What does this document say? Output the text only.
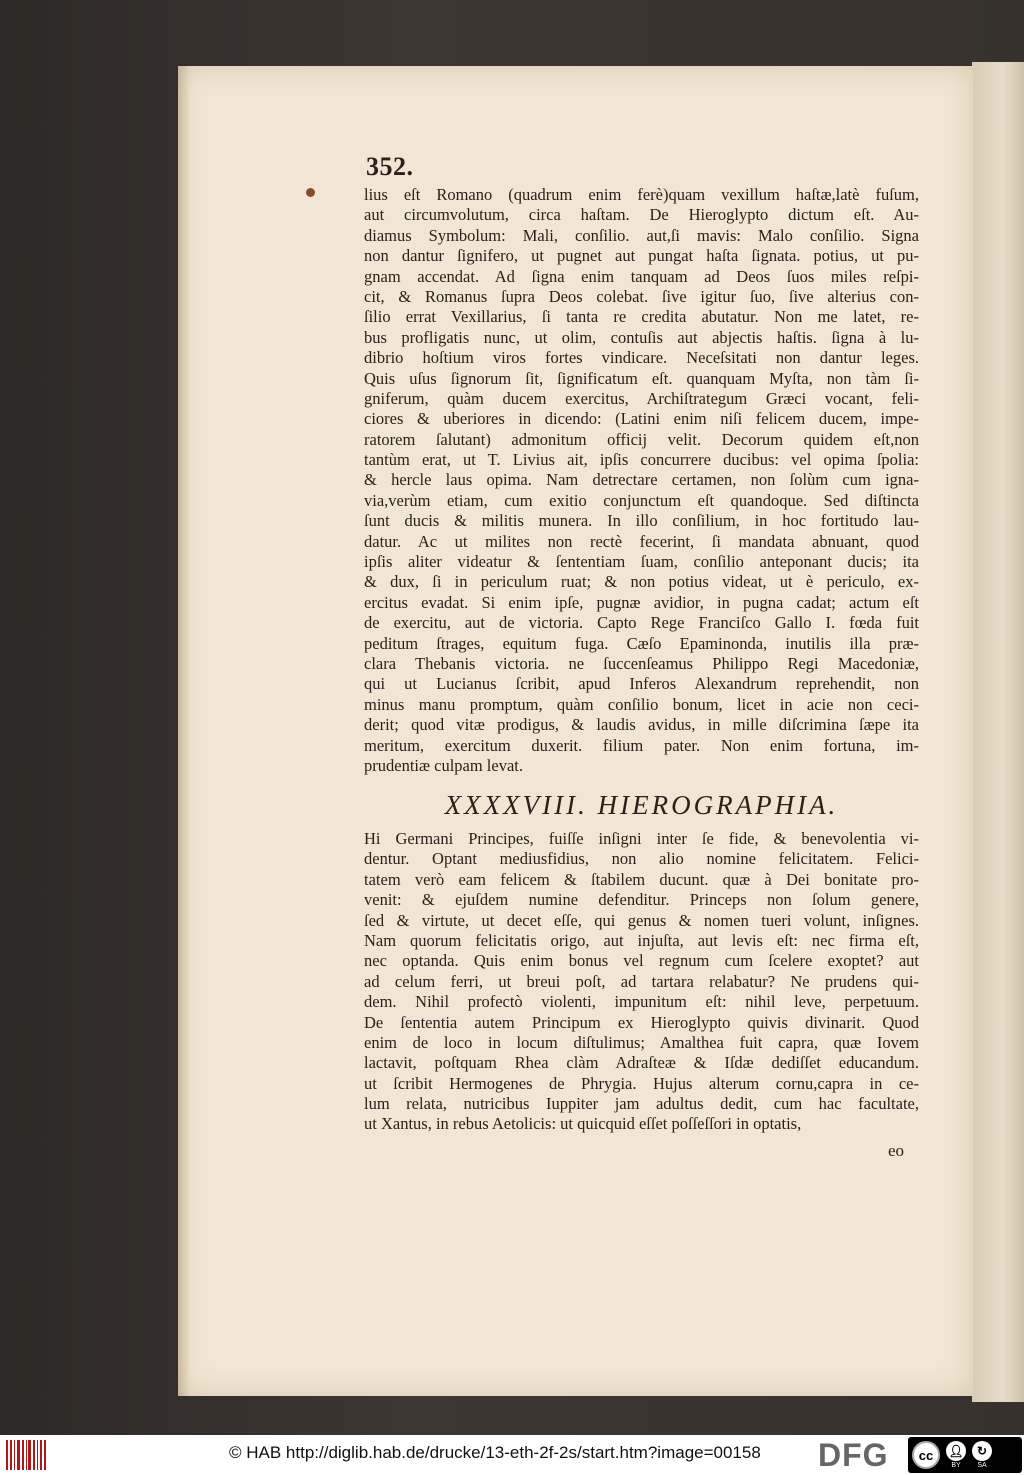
352.
lius eſt Romano (quadrum enim ferè)quam vexillum haſtæ,latè fuſum,
aut circumvolutum, circa haſtam. De Hieroglypto dictum eſt. Au-
diamus Symbolum: Mali, conſilio. aut,ſi mavis: Malo conſilio. Signa
non dantur ſignifero, ut pugnet aut pungat haſta ſignata. potius, ut pu-
gnam accendat. Ad ſigna enim tanquam ad Deos ſuos miles reſpi-
cit, & Romanus ſupra Deos colebat. ſive igitur ſuo, ſive alterius con-
ſilio errat Vexillarius, ſi tanta re credita abutatur. Non me latet, re-
bus profligatis nunc, ut olim, contuſis aut abjectis haſtis. ſigna à lu-
dibrio hoſtium viros fortes vindicare. Neceſsitati non dantur leges.
Quis uſus ſignorum ſit, ſignificatum eſt. quanquam Myſta, non tàm ſi-
gniferum, quàm ducem exercitus, Archiſtrategum Græci vocant, feli-
ciores & uberiores in dicendo: (Latini enim niſi felicem ducem, impe-
ratorem ſalutant) admonitum officij velit. Decorum quidem eſt,non
tantùm erat, ut T. Livius ait, ipſis concurrere ducibus: vel opima ſpolia:
& hercle laus opima. Nam detrectare certamen, non ſolùm cum igna-
via,verùm etiam, cum exitio conjunctum eſt quandoque. Sed diſtincta
ſunt ducis & militis munera. In illo conſilium, in hoc fortitudo lau-
datur. Ac ut milites non rectè fecerint, ſi mandata abnuant, quod
ipſis aliter videatur & ſententiam ſuam, conſilio anteponant ducis; ita
& dux, ſi in periculum ruat; & non potius videat, ut è periculo, ex-
ercitus evadat. Si enim ipſe, pugnæ avidior, in pugna cadat; actum eſt
de exercitu, aut de victoria. Capto Rege Franciſco Gallo I. fœda fuit
peditum ſtrages, equitum fuga. Cæſo Epaminonda, inutilis illa præ-
clara Thebanis victoria. ne ſuccenſeamus Philippo Regi Macedoniæ,
qui ut Lucianus ſcribit, apud Inferos Alexandrum reprehendit, non
minus manu promptum, quàm conſilio bonum, licet in acie non ceci-
derit; quod vitæ prodigus, & laudis avidus, in mille diſcrimina ſæpe ita
meritum, exercitum duxerit. filium pater. Non enim fortuna, im-
prudentiæ culpam levat.
XXXXVIII. HIEROGRAPHIA.
Hi Germani Principes, fuiſſe inſigni inter ſe fide, & benevolentia vi-
dentur. Optant mediusfidius, non alio nomine felicitatem. Felici-
tatem verò eam felicem & ſtabilem ducunt. quæ à Dei bonitate pro-
venit: & ejuſdem numine defenditur. Princeps non ſolum genere,
ſed & virtute, ut decet eſſe, qui genus & nomen tueri volunt, inſignes.
Nam quorum felicitatis origo, aut injuſta, aut levis eſt: nec firma eſt,
nec optanda. Quis enim bonus vel regnum cum ſcelere exoptet? aut
ad celum ferri, ut breui poſt, ad tartara relabatur? Ne prudens qui-
dem. Nihil profectò violenti, impunitum eſt: nihil leve, perpetuum.
De ſententia autem Principum ex Hieroglypto quivis divinarit. Quod
enim de loco in locum diſtulimus; Amalthea fuit capra, quæ Iovem
lactavit, poſtquam Rhea clàm Adraſteæ & Iſdæ dediſſet educandum.
ut ſcribit Hermogenes de Phrygia. Hujus alterum cornu,capra in ce-
lum relata, nutricibus Iuppiter jam adultus dedit, cum hac facultate,
ut Xantus, in rebus Aetolicis: ut quicquid eſſet poſſeſſori in optatis,
eo
© HAB http://diglib.hab.de/drucke/13-eth-2f-2s/start.htm?image=00158 DFG	cc	👤︎
BY
↻
SA
